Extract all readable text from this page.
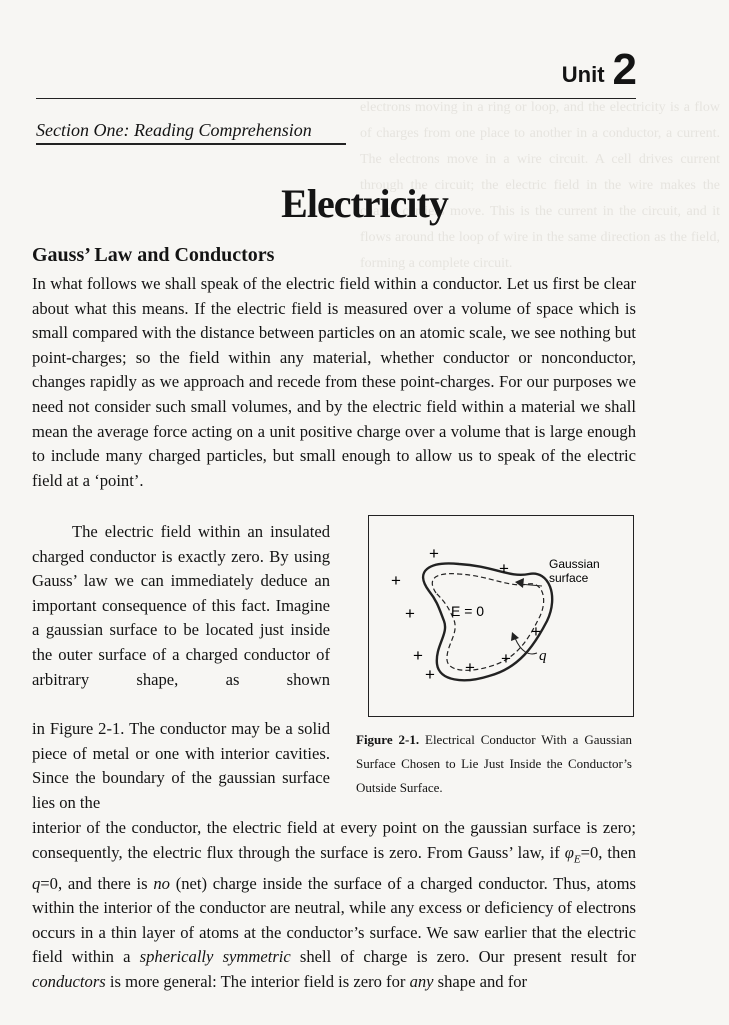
electrons moving in a ring or loop, and the electricity is a flow of charges from one place to another in a conductor, a current. The electrons move in a wire circuit. A cell drives current through the circuit; the electric field in the wire makes the charge carriers move. This is the current in the circuit, and it flows around the loop of wire in the same direction as the field, forming a complete circuit.
Unit 2
Section One: Reading Comprehension
Electricity
Gauss’ Law and Conductors

In what follows we shall speak of the electric field within a conductor. Let us first be clear about what this means. If the electric field is measured over a volume of space which is small compared with the distance between particles on an atomic scale, we see nothing but point-charges; so the field within any material, whether conductor or nonconductor, changes rapidly as we approach and recede from these point-charges. For our purposes we need not consider such small volumes, and by the electric field within a material we shall mean the average force acting on a unit positive charge over a volume that is large enough to include many charged particles, but small enough to allow us to speak of the electric field at a ‘point’.

The electric field within an insulated charged conductor is exactly zero. By using Gauss’ law we can immediately deduce an important consequence of this fact. Imagine a gaussian surface to be located just inside the outer surface of a charged conductor of arbitrary shape, as shown

in Figure 2-1. The conductor may be a solid piece of metal or one with interior cavities. Since the boundary of the gaussian surface lies on the

interior of the conductor, the electric field at every point on the gaussian surface is zero; consequently, the electric flux through the surface is zero. From Gauss’ law, if $\varphi_E=0$, then q=0, and there is no (net) charge inside the surface of a charged conductor. Thus, atoms within the interior of the conductor are neutral, while any excess or deficiency of electrons occurs in a thin layer of atoms at the conductor’s surface. We saw earlier that the electric field within a spherically symmetric shell of charge is zero. Our present result for conductors is more general: The interior field is zero for any shape and for

+
+
+
+
+
+
+
+
+
E = 0
Gaussian
surface
q
Figure 2-1. Electrical Conductor With a Gaussian Surface Chosen to Lie Just Inside the Conductor’s Outside Surface.
